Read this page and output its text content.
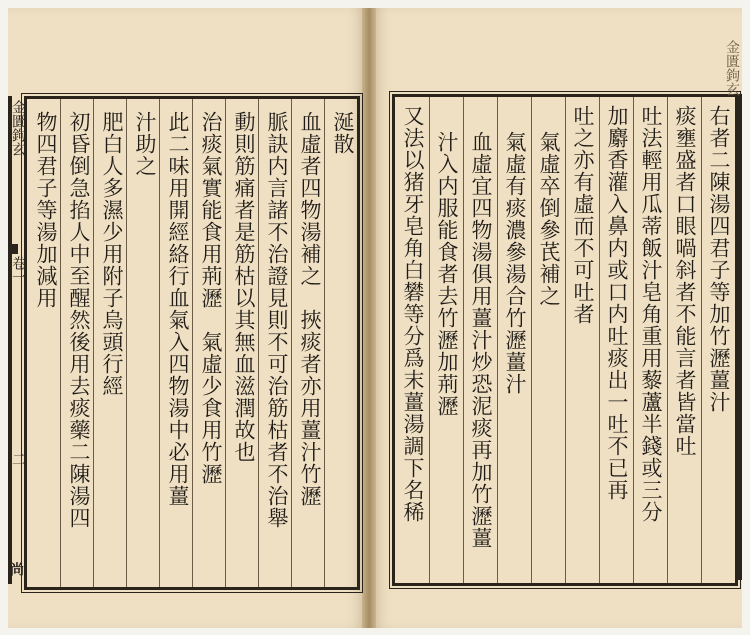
金匱鉤玄
卷一
二
尚
涎散
血虛者四物湯補之　挾痰者亦用薑汁竹瀝
脈訣内言諸不治證見則不可治筋枯者不治舉
動則筋痛者是筋枯以其無血滋潤故也
治痰氣實能食用荊瀝　氣虛少食用竹瀝
此二味用開經絡行血氣入四物湯中必用薑
汁助之
肥白人多濕少用附子烏頭行經
初昏倒急掐人中至醒然後用去痰藥二陳湯四
物四君子等湯加減用	右者二陳湯四君子等加竹瀝薑汁
痰壅盛者口眼喎斜者不能言者皆當吐
吐法輕用瓜蒂飯汁皂角重用藜蘆半錢或三分
加麝香灌入鼻内或口内吐痰出一吐不已再
吐之亦有虛而不可吐者
氣虛卒倒參芪補之
氣虛有痰濃參湯合竹瀝薑汁
血虛宜四物湯俱用薑汁炒恐泥痰再加竹瀝薑
汁入内服能食者去竹瀝加荊瀝
又法以猪牙皂角白礬等分爲末薑湯調下名稀
金匱鉤玄
